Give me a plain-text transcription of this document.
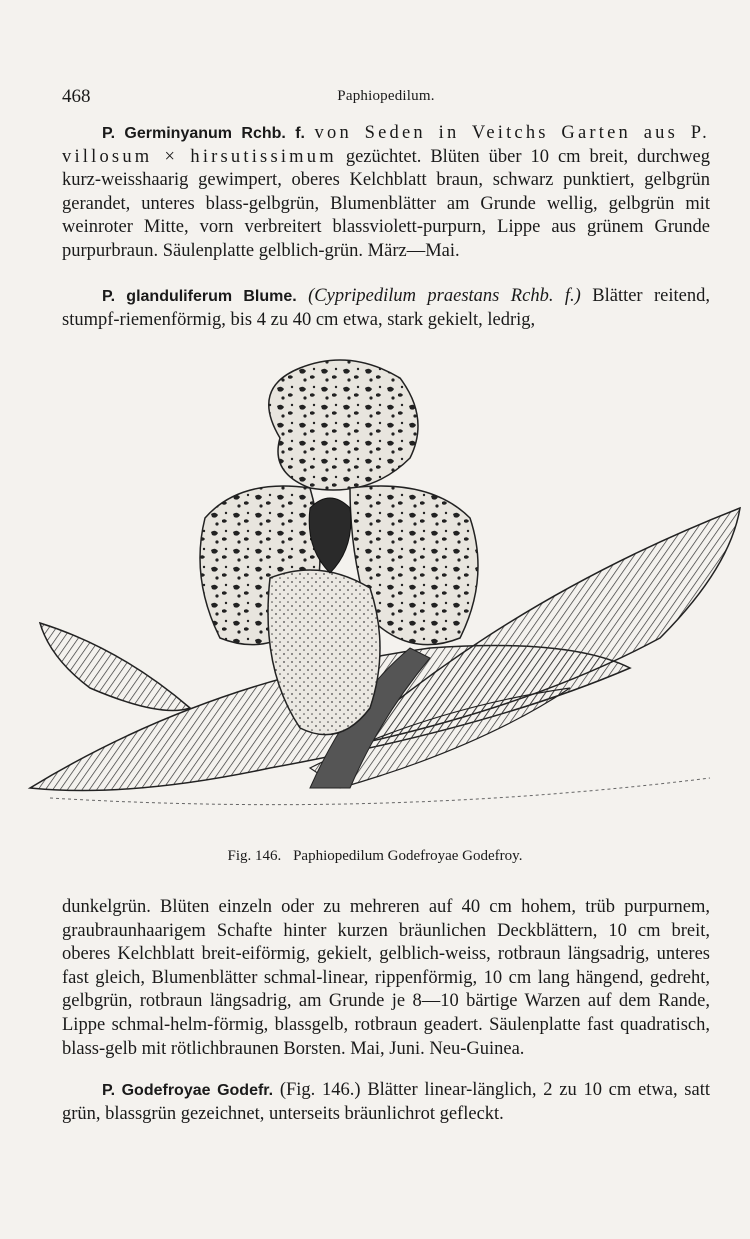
468	Paphiopedilum.

P. Germinyanum Rchb. f. von Seden in Veitchs Garten aus P. villosum × hirsutissimum gezüchtet. Blüten über 10 cm breit, durchweg kurz-weisshaarig gewimpert, oberes Kelchblatt braun, schwarz punktiert, gelbgrün gerandet, unteres blass-gelbgrün, Blumenblätter am Grunde wellig, gelbgrün mit weinroter Mitte, vorn verbreitert blassviolett-purpurn, Lippe aus grünem Grunde purpurbraun. Säulenplatte gelblich-grün. März—Mai.

P. glanduliferum Blume. (Cypripedilum praestans Rchb. f.) Blätter reitend, stumpf-riemenförmig, bis 4 zu 40 cm etwa, stark gekielt, ledrig,

Fig. 146. Paphiopedilum Godefroyae Godefroy.

dunkelgrün. Blüten einzeln oder zu mehreren auf 40 cm hohem, trüb purpurnem, graubraunhaarigem Schafte hinter kurzen bräunlichen Deckblättern, 10 cm breit, oberes Kelchblatt breit-eiförmig, gekielt, gelblich-weiss, rotbraun längsadrig, unteres fast gleich, Blumenblätter schmal-linear, rippenförmig, 10 cm lang hängend, gedreht, gelbgrün, rotbraun längsadrig, am Grunde je 8—10 bärtige Warzen auf dem Rande, Lippe schmal-helm-förmig, blassgelb, rotbraun geadert. Säulenplatte fast quadratisch, blass-gelb mit rötlichbraunen Borsten. Mai, Juni. Neu-Guinea.

P. Godefroyae Godefr. (Fig. 146.) Blätter linear-länglich, 2 zu 10 cm etwa, satt grün, blassgrün gezeichnet, unterseits bräunlichrot gefleckt.
